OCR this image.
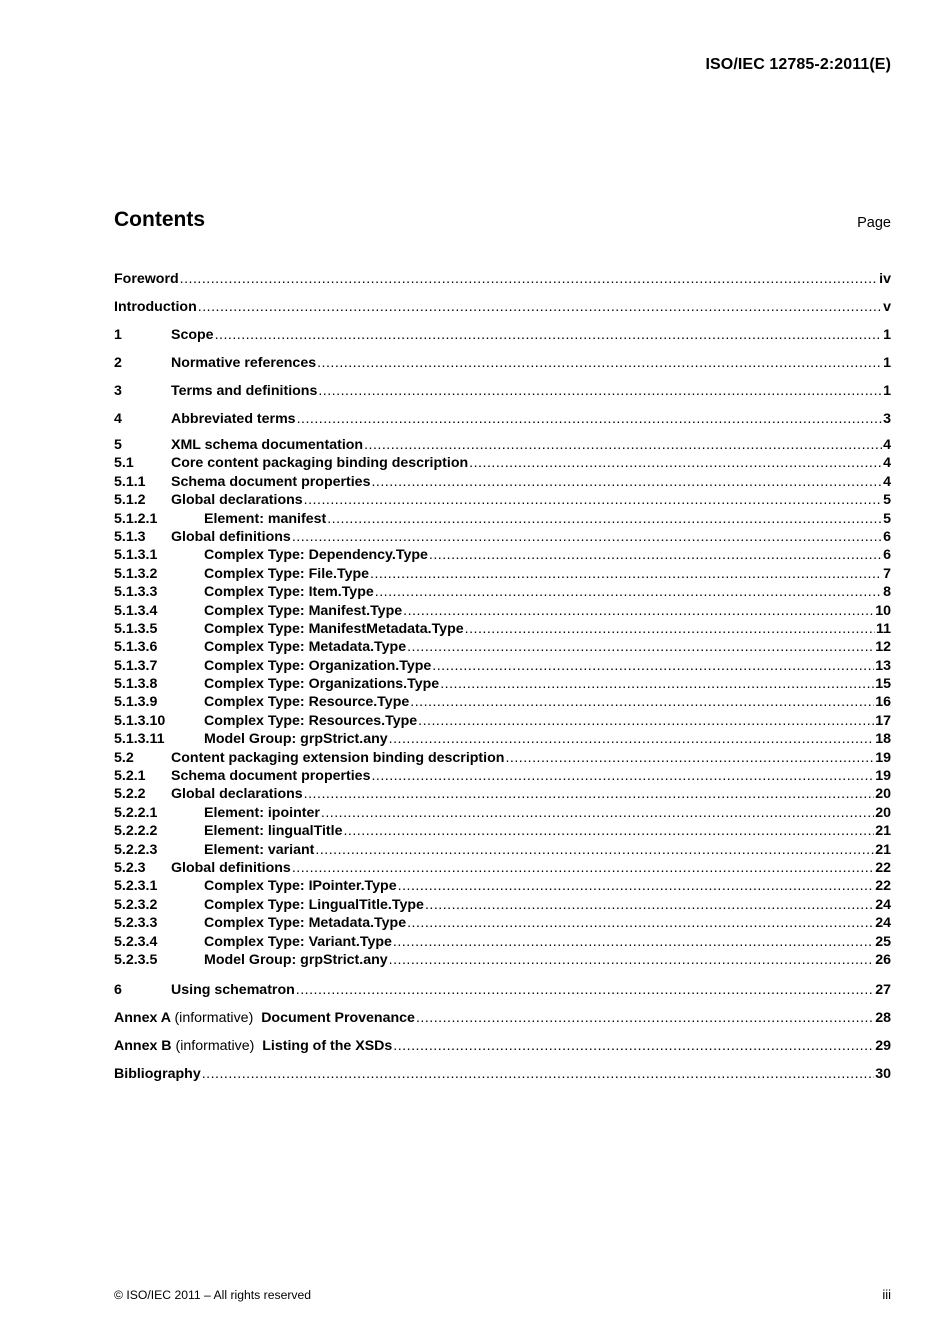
ISO/IEC 12785-2:2011(E)
Contents	Page
Foreword .....	iv
Introduction .....	v
1	Scope .....	1
2	Normative references .....	1
3	Terms and definitions .....	1
4	Abbreviated terms .....	3
5	XML schema documentation .....	4
5.1	Core content packaging binding description .....	4
5.1.1	Schema document properties .....	4
5.1.2	Global declarations .....	5
5.1.2.1	Element: manifest .....	5
5.1.3	Global definitions .....	6
5.1.3.1	Complex Type: Dependency.Type .....	6
5.1.3.2	Complex Type: File.Type .....	7
5.1.3.3	Complex Type: Item.Type .....	8
5.1.3.4	Complex Type: Manifest.Type .....	10
5.1.3.5	Complex Type: ManifestMetadata.Type .....	11
5.1.3.6	Complex Type: Metadata.Type .....	12
5.1.3.7	Complex Type: Organization.Type .....	13
5.1.3.8	Complex Type: Organizations.Type .....	15
5.1.3.9	Complex Type: Resource.Type .....	16
5.1.3.10	Complex Type: Resources.Type .....	17
5.1.3.11	Model Group: grpStrict.any .....	18
5.2	Content packaging extension binding description .....	19
5.2.1	Schema document properties .....	19
5.2.2	Global declarations .....	20
5.2.2.1	Element: ipointer .....	20
5.2.2.2	Element: lingualTitle .....	21
5.2.2.3	Element: variant .....	21
5.2.3	Global definitions .....	22
5.2.3.1	Complex Type: IPointer.Type .....	22
5.2.3.2	Complex Type: LingualTitle.Type .....	24
5.2.3.3	Complex Type: Metadata.Type .....	24
5.2.3.4	Complex Type: Variant.Type .....	25
5.2.3.5	Model Group: grpStrict.any .....	26
6	Using schematron .....	27
Annex A (informative) Document Provenance .....	28
Annex B (informative) Listing of the XSDs .....	29
Bibliography .....	30
© ISO/IEC 2011 – All rights reserved	iii
